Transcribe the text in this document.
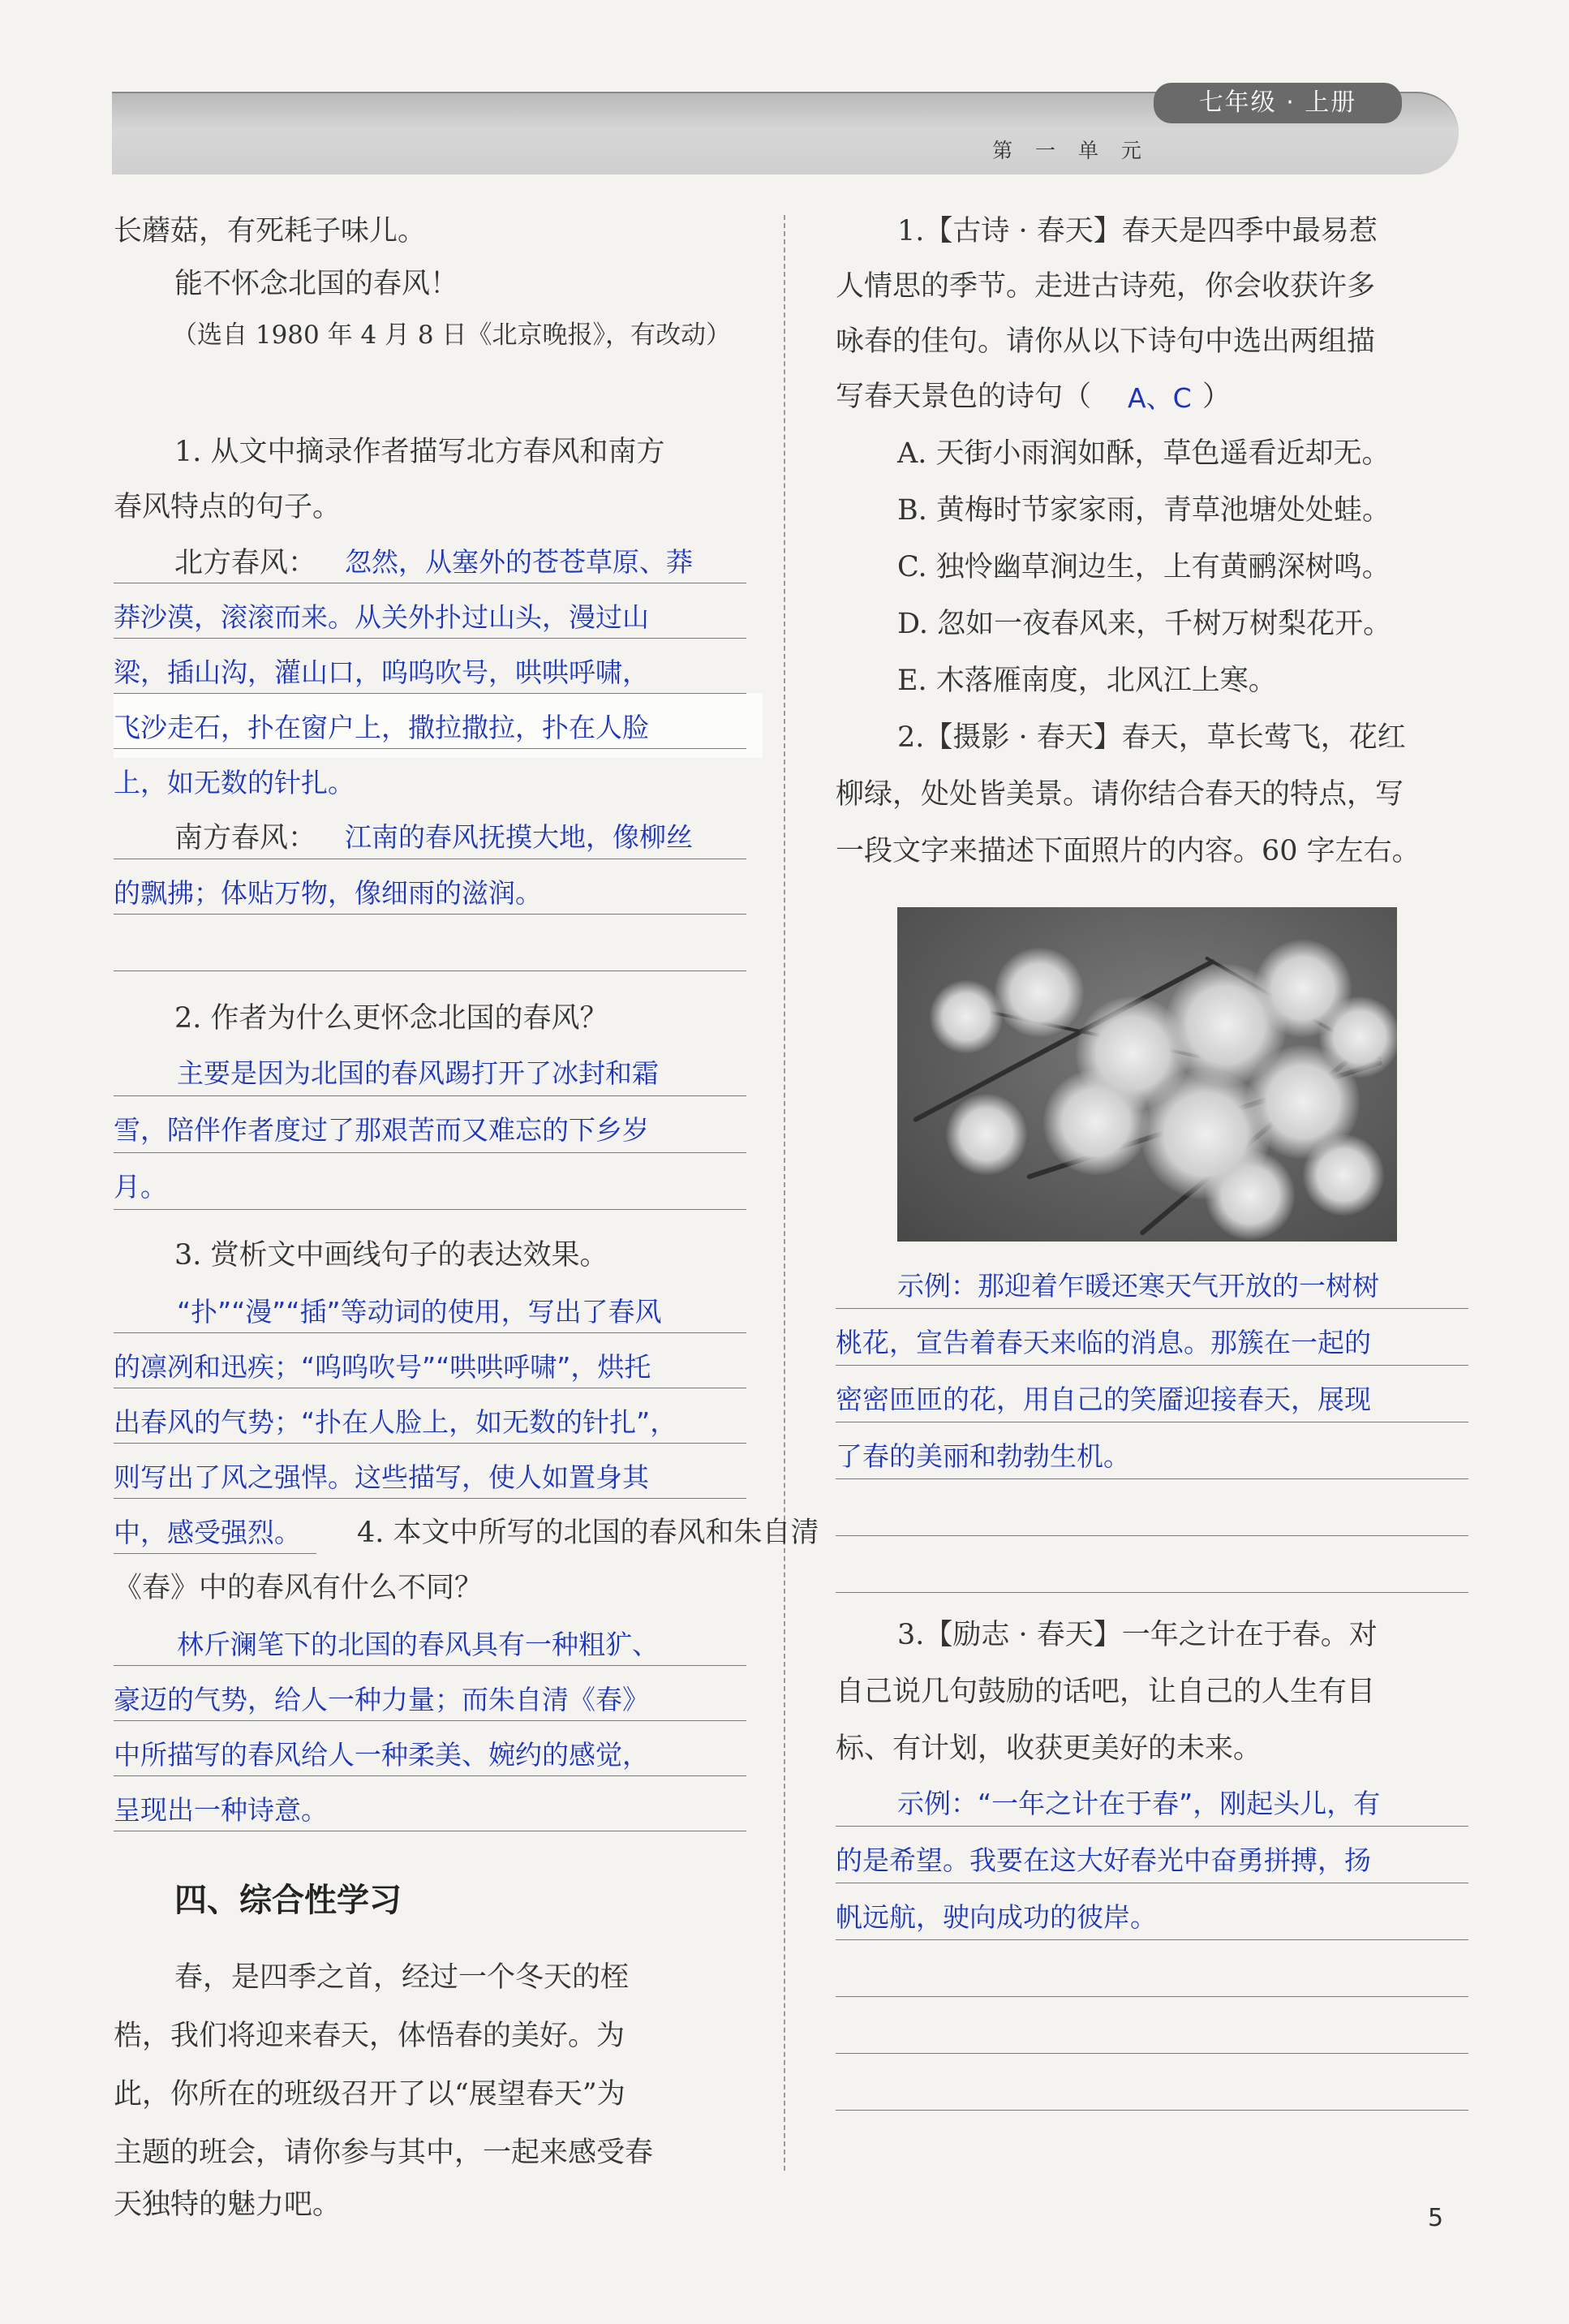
七年级 · 上册
第 一 单 元
长蘑菇，有死耗子味儿。
能不怀念北国的春风！
（选自 1980 年 4 月 8 日《北京晚报》，有改动）
1. 从文中摘录作者描写北方春风和南方
春风特点的句子。
北方春风： 忽然，从塞外的苍苍草原、莽
莽沙漠，滚滚而来。从关外扑过山头，漫过山
梁，插山沟，灌山口，呜呜吹号，哄哄呼啸，
飞沙走石，扑在窗户上，撒拉撒拉，扑在人脸
上，如无数的针扎。
南方春风： 江南的春风抚摸大地，像柳丝
的飘拂；体贴万物，像细雨的滋润。
2. 作者为什么更怀念北国的春风？
主要是因为北国的春风踢打开了冰封和霜
雪，陪伴作者度过了那艰苦而又难忘的下乡岁
月。
3. 赏析文中画线句子的表达效果。
“扑”“漫”“插”等动词的使用，写出了春风
的凛冽和迅疾；“呜呜吹号”“哄哄呼啸”，烘托
出春风的气势；“扑在人脸上，如无数的针扎”，
则写出了风之强悍。这些描写，使人如置身其
中，感受强烈。 4. 本文中所写的北国的春风和朱自清
《春》中的春风有什么不同？
林斤澜笔下的北国的春风具有一种粗犷、
豪迈的气势，给人一种力量；而朱自清《春》
中所描写的春风给人一种柔美、婉约的感觉，
呈现出一种诗意。
四、综合性学习
春，是四季之首，经过一个冬天的桎
梏，我们将迎来春天，体悟春的美好。为
此，你所在的班级召开了以“展望春天”为
主题的班会，请你参与其中，一起来感受春
天独特的魅力吧。
1.【古诗 · 春天】春天是四季中最易惹
人情思的季节。走进古诗苑，你会收获许多
咏春的佳句。请你从以下诗句中选出两组描
写春天景色的诗句（ A、C ）
A. 天街小雨润如酥，草色遥看近却无。
B. 黄梅时节家家雨，青草池塘处处蛙。
C. 独怜幽草涧边生，上有黄鹂深树鸣。
D. 忽如一夜春风来，千树万树梨花开。
E. 木落雁南度，北风江上寒。
2.【摄影 · 春天】春天，草长莺飞，花红
柳绿，处处皆美景。请你结合春天的特点，写
一段文字来描述下面照片的内容。60 字左右。
示例：那迎着乍暖还寒天气开放的一树树
桃花，宣告着春天来临的消息。那簇在一起的
密密匝匝的花，用自己的笑靥迎接春天，展现
了春的美丽和勃勃生机。
3.【励志 · 春天】一年之计在于春。对
自己说几句鼓励的话吧，让自己的人生有目
标、有计划，收获更美好的未来。
示例：“一年之计在于春”，刚起头儿，有
的是希望。我要在这大好春光中奋勇拼搏，扬
帆远航，驶向成功的彼岸。
5
